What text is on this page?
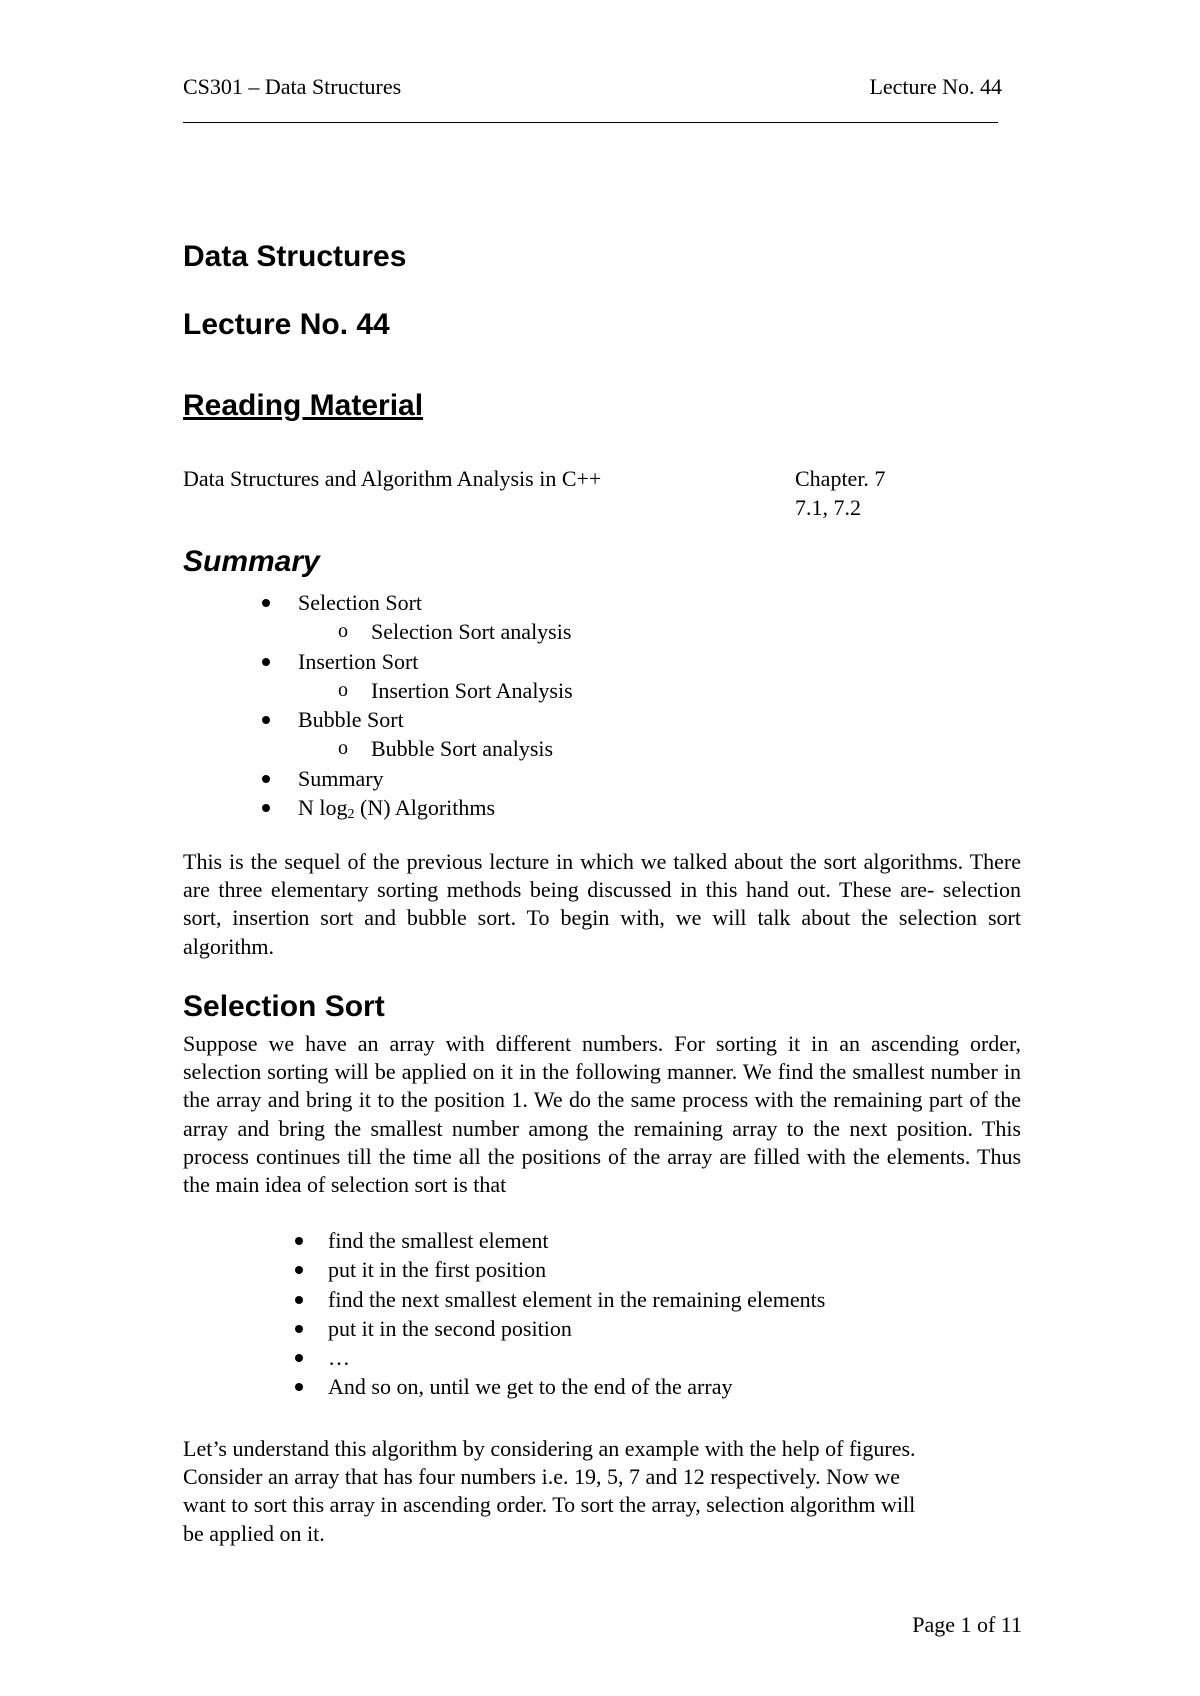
CS301 – Data Structures	Lecture No. 44
Data Structures
Lecture No. 44
Reading Material
Data Structures and Algorithm Analysis in C++	Chapter. 7
7.1, 7.2
Summary
Selection Sort
o Selection Sort analysis
Insertion Sort
o Insertion Sort Analysis
Bubble Sort
o Bubble Sort analysis
Summary
N $\log_2 (N)$ Algorithms
This is the sequel of the previous lecture in which we talked about the sort algorithms. There are three elementary sorting methods being discussed in this hand out. These are- selection sort, insertion sort and bubble sort. To begin with, we will talk about the selection sort algorithm.
Selection Sort
Suppose we have an array with different numbers. For sorting it in an ascending order, selection sorting will be applied on it in the following manner. We find the smallest number in the array and bring it to the position 1. We do the same process with the remaining part of the array and bring the smallest number among the remaining array to the next position. This process continues till the time all the positions of the array are filled with the elements. Thus the main idea of selection sort is that
find the smallest element
put it in the first position
find the next smallest element in the remaining elements
put it in the second position
…
And so on, until we get to the end of the array
Let’s understand this algorithm by considering an example with the help of figures.
Consider an array that has four numbers i.e. 19, 5, 7 and 12 respectively. Now we
want to sort this array in ascending order. To sort the array, selection algorithm will
be applied on it.
Page 1 of 11
